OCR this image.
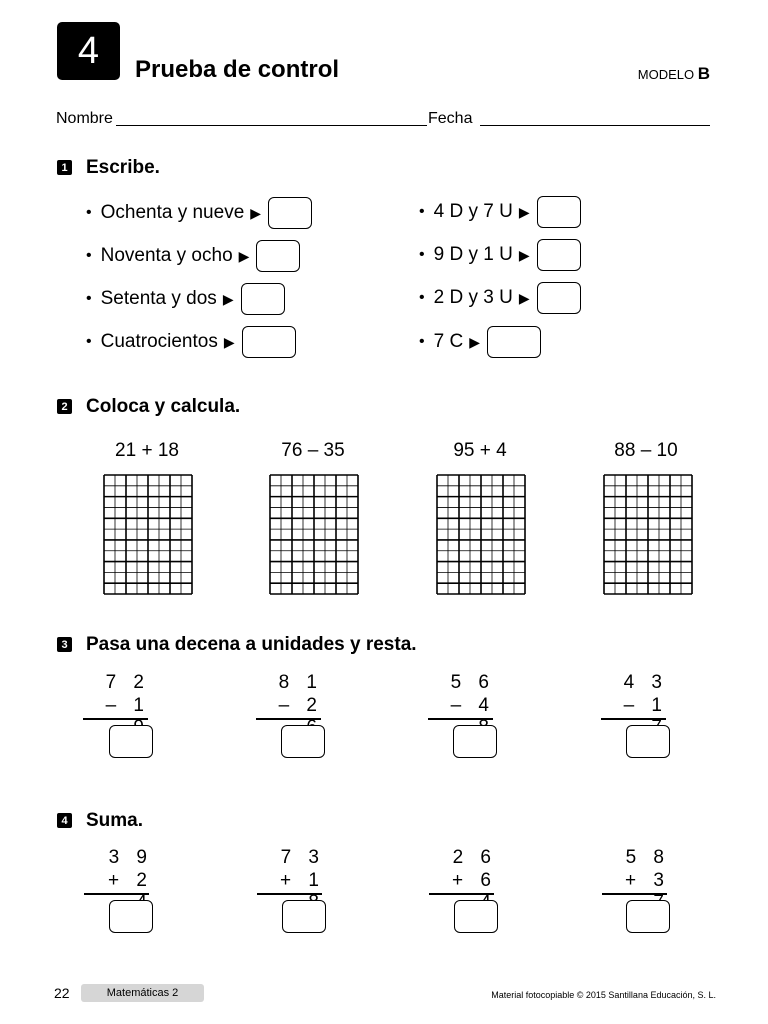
4 Prueba de control	MODELO B
Nombre	Fecha
1 Escribe.
• Ochenta y nueve ▶
• Noventa y ocho ▶
• Setenta y dos ▶
• Cuatrocientos ▶
• 4 D y 7 U ▶
• 9 D y 1 U ▶
• 2 D y 3 U ▶
• 7 C ▶
2 Coloca y calcula.
21 + 18	76 – 35	95 + 4	88 – 10
3 Pasa una decena a unidades y resta.
7 2
– 1
8 1
– 2
5 6
– 4
4 3
– 1
4 Suma.
3 9
+ 2
7 3
+ 1
2 6
+ 6
5 8
+ 3
22	Matemáticas 2	Material fotocopiable © 2015 Santillana Educación, S. L.
